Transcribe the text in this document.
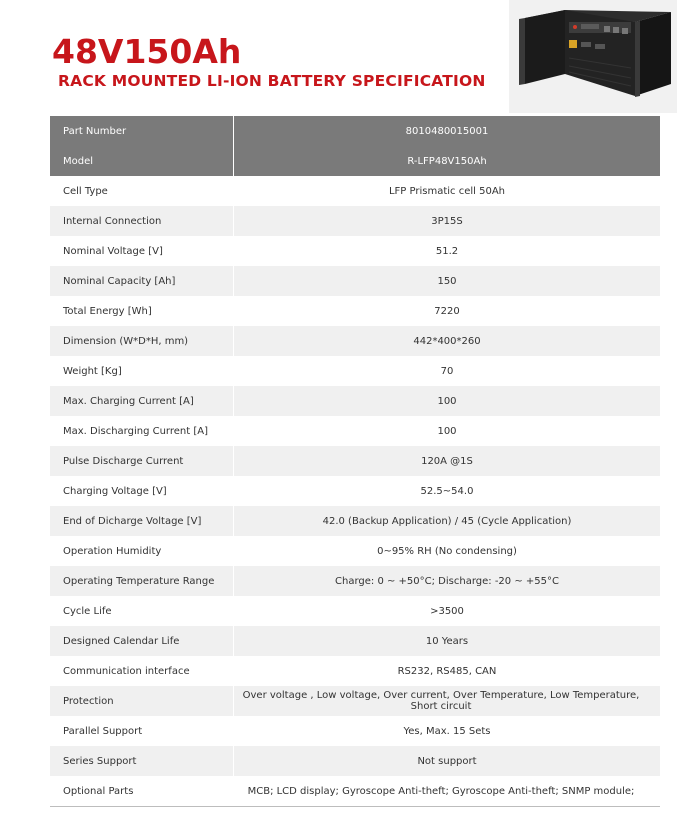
48V150Ah
RACK MOUNTED LI-ION BATTERY SPECIFICATION
Part Number	8010480015001
Model	R-LFP48V150Ah
Cell Type	LFP Prismatic cell 50Ah
Internal Connection	3P15S
Nominal Voltage [V]	51.2
Nominal Capacity [Ah]	150
Total Energy [Wh]	7220
Dimension (W*D*H, mm)	442*400*260
Weight [Kg]	70
Max. Charging Current [A]	100
Max. Discharging Current [A]	100
Pulse Discharge Current	120A @1S
Charging Voltage [V]	52.5~54.0
End of Dicharge Voltage [V]	42.0 (Backup Application) / 45 (Cycle Application)
Operation Humidity	0~95% RH (No condensing)
Operating Temperature Range	Charge: 0 ~ +50°C; Discharge: -20 ~ +55°C
Cycle Life	>3500
Designed Calendar Life	10 Years
Communication interface	RS232, RS485, CAN
Protection	Over voltage , Low voltage, Over current, Over Temperature, Low Temperature, Short circuit
Parallel Support	Yes, Max. 15 Sets
Series Support	Not support
Optional Parts	MCB; LCD display; Gyroscope Anti-theft; Gyroscope Anti-theft; SNMP module;
